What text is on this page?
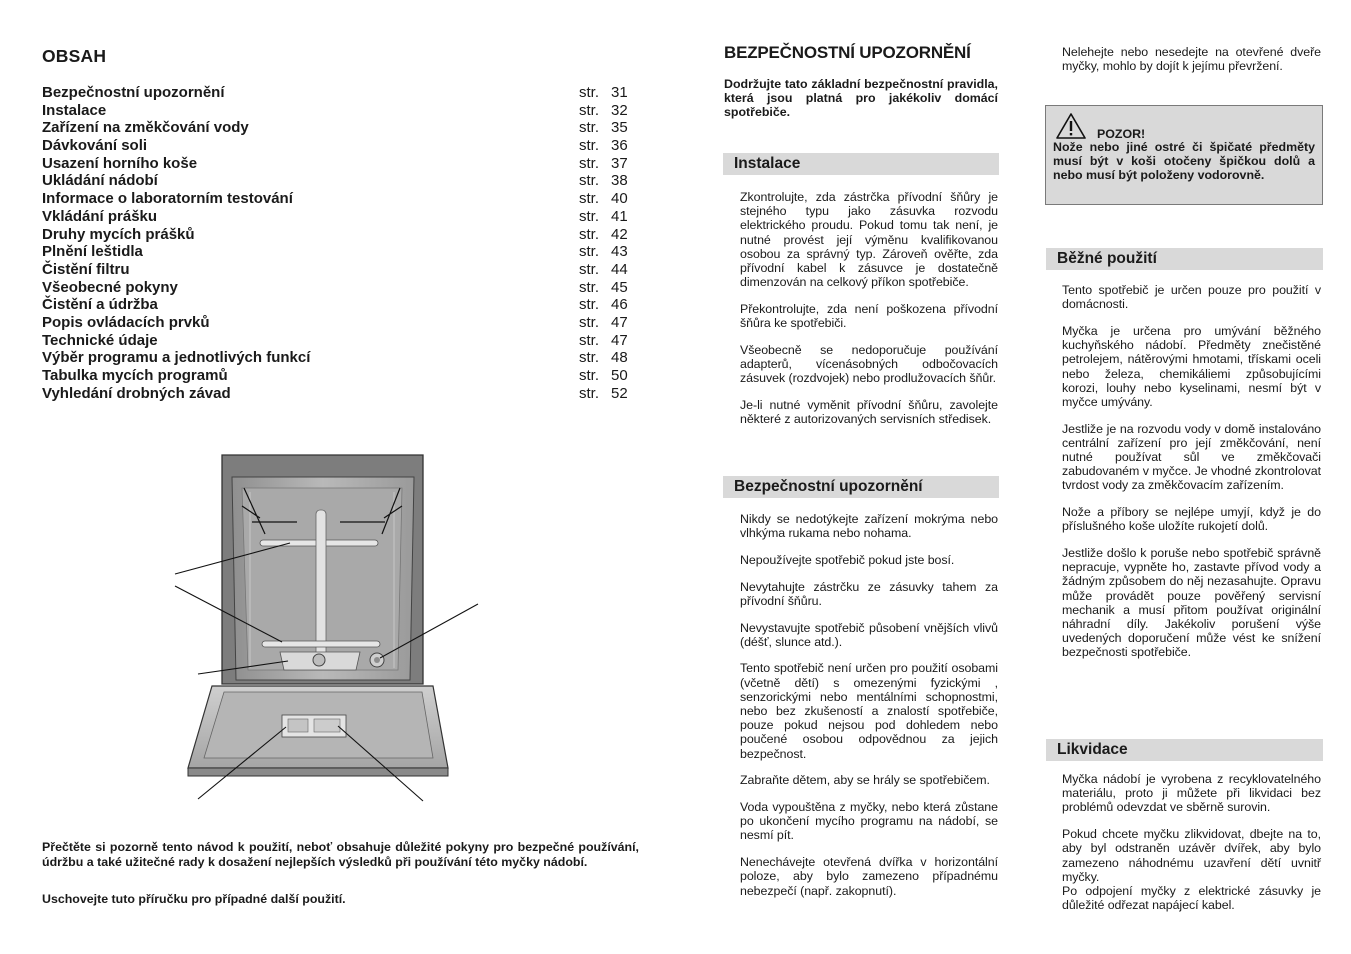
OBSAH
Bezpečnostní upozornění	str. 31
Instalace	str. 32
Zařízení na změkčování vody	str. 35
Dávkování soli	str. 36
Usazení horního koše	str. 37
Ukládání nádobí	str. 38
Informace o laboratorním testování	str. 40
Vkládání prášku	str. 41
Druhy mycích prášků	str. 42
Plnění leštidla	str. 43
Čistění filtru	str. 44
Všeobecné pokyny	str. 45
Čistění a údržba	str. 46
Popis ovládacích prvků	str. 47
Technické údaje	str. 47
Výběr programu a jednotlivých funkcí	str. 48
Tabulka mycích programů	str. 50
Vyhledání drobných závad	str. 52
Přečtěte si pozorně tento návod k použití, neboť obsahuje důležité pokyny pro bezpečné používání, údržbu a také užitečné rady k dosažení nejlepších výsledků při používání této myčky nádobí.
Uschovejte tuto příručku pro případné další použití.
BEZPEČNOSTNÍ UPOZORNĚNÍ
Dodržujte tato základní bezpečnostní pravidla, která jsou platná pro jakékoliv domácí spotřebiče.
Instalace

Zkontrolujte, zda zástrčka přívodní šňůry je stejného typu jako zásuvka rozvodu elektrického proudu. Pokud tomu tak není, je nutné provést její výměnu kvalifikovanou osobou za správný typ. Zároveň ověřte, zda přívodní kabel k zásuvce je dostatečně dimenzován na celkový příkon spotřebiče.

Překontrolujte, zda není poškozena přívodní šňůra ke spotřebiči.

Všeobecně se nedoporučuje používání adapterů, vícenásobných odbočovacích zásuvek (rozdvojek) nebo prodlužovacích šňůr.

Je-li nutné vyměnit přívodní šňůru, zavolejte některé z autorizovaných servisních středisek.

Bezpečnostní upozornění

Nikdy se nedotýkejte zařízení mokrýma nebo vlhkýma rukama nebo nohama.

Nepoužívejte spotřebič pokud jste bosí.

Nevytahujte zástrčku ze zásuvky tahem za přívodní šňůru.

Nevystavujte spotřebič působení vnějších vlivů (déšť, slunce atd.).

Tento spotřebič není určen pro použití osobami (včetně dětí) s omezenými fyzickými , senzorickými nebo mentálními schopnostmi, nebo bez zkušeností a znalostí spotřebiče, pouze pokud nejsou pod dohledem nebo poučené osobou odpovědnou za jejich bezpečnost.

Zabraňte dětem, aby se hrály se spotřebičem.

Voda vypouštěna z myčky, nebo která zůstane po ukončení mycího programu na nádobí, se nesmí pít.

Nenechávejte otevřená dvířka v horizontální poloze, aby bylo zamezeno případnému nebezpečí (např. zakopnutí).

Nelehejte nebo nesedejte na otevřené dveře myčky, mohlo by dojít k jejímu převržení.

POZOR!
Nože nebo jiné ostré či špičaté předměty musí být v koši otočeny špičkou dolů a nebo musí být položeny vodorovně.
Běžné použití

Tento spotřebič je určen pouze pro použití v domácnosti.

Myčka je určena pro umývání běžného kuchyňského nádobí. Předměty znečistěné petrolejem, nátěrovými hmotami, třískami oceli nebo železa, chemikáliemi způsobujícími korozi, louhy nebo kyselinami, nesmí být v myčce umývány.

Jestliže je na rozvodu vody v domě instalováno centrální zařízení pro její změkčování, není nutné používat sůl ve změkčovači zabudovaném v myčce. Je vhodné zkontrolovat tvrdost vody za změkčovacím zařízením.

Nože a příbory se nejlépe umyjí, když je do příslušného koše uložíte rukojetí dolů.

Jestliže došlo k poruše nebo spotřebič správně nepracuje, vypněte ho, zastavte přívod vody a žádným způsobem do něj nezasahujte. Opravu může provádět pouze pověřený servisní mechanik a musí přitom používat originální náhradní díly. Jakékoliv porušení výše uvedených doporučení může vést ke snížení bezpečnosti spotřebiče.

Likvidace

Myčka nádobí je vyrobena z recyklovatelného materiálu, proto ji můžete při likvidaci bez problémů odevzdat ve sběrně surovin.

Pokud chcete myčku zlikvidovat, dbejte na to, aby byl odstraněn uzávěr dvířek, aby bylo zamezeno náhodnému uzavření dětí uvnitř myčky.
Po odpojení myčky z elektrické zásuvky je důležité odřezat napájecí kabel.
